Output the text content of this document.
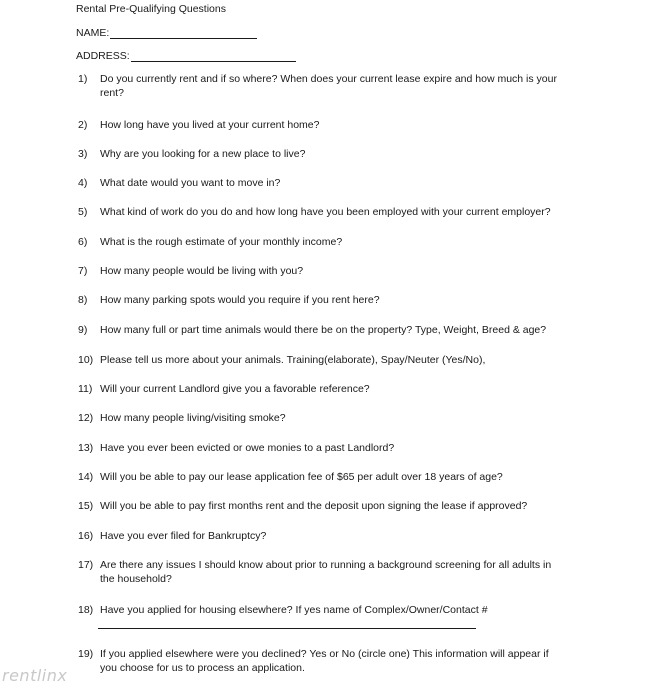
Rental Pre-Qualifying Questions
NAME:
ADDRESS:
1)	Do you currently rent and if so where? When does your current lease expire and how much is your rent?
2)	How long have you lived at your current home?
3)	Why are you looking for a new place to live?
4)	What date would you want to move in?
5)	What kind of work do you do and how long have you been employed with your current employer?
6)	What is the rough estimate of your monthly income?
7)	How many people would be living with you?
8)	How many parking spots would you require if you rent here?
9)	How many full or part time animals would there be on the property? Type, Weight, Breed & age?
10) Please tell us more about your animals. Training(elaborate), Spay/Neuter (Yes/No),
11) Will your current Landlord give you a favorable reference?
12) How many people living/visiting smoke?
13) Have you ever been evicted or owe monies to a past Landlord?
14) Will you be able to pay our lease application fee of $65 per adult over 18 years of age?
15) Will you be able to pay first months rent and the deposit upon signing the lease if approved?
16) Have you ever filed for Bankruptcy?
17) Are there any issues I should know about prior to running a background screening for all adults in the household?
18) Have you applied for housing elsewhere? If yes name of Complex/Owner/Contact #
19) If you applied elsewhere were you declined? Yes or No (circle one) This information will appear if you choose for us to process an application.
rentlinx
